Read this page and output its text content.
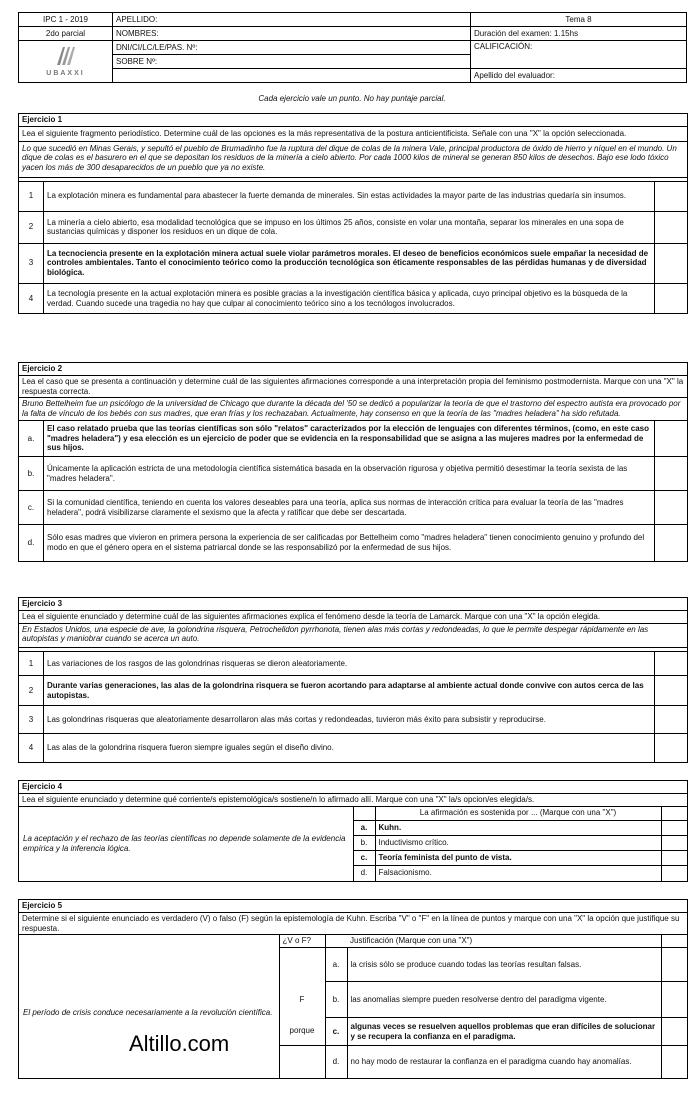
IPC 1 - 2019	APELLIDO:	Tema 8
2do parcial	NOMBRES:	Duración del examen: 1.15hs

UBAXXI	DNI/CI/LC/LE/PAS. Nº:	CALIFICACIÓN:
	SOBRE Nº:	
		Apellido del evaluador:
Cada ejercicio vale un punto. No hay puntaje parcial.
Ejercicio 1
Lea el siguiente fragmento periodístico. Determine cuál de las opciones es la más representativa de la postura anticientificista. Señale con una "X" la opción seleccionada.
Lo que sucedió en Minas Gerais, y sepultó el pueblo de Brumadinho fue la ruptura del dique de colas de la minera Vale, principal productora de óxido de hierro y níquel en el mundo. Un dique de colas es el basurero en el que se depositan los residuos de la minería a cielo abierto. Por cada 1000 kilos de mineral se generan 850 kilos de desechos. Bajo ese lodo tóxico yacen los más de 300 desaparecidos de un pueblo que ya no existe.
1	La explotación minera es fundamental para abastecer la fuerte demanda de minerales. Sin estas actividades la mayor parte de las industrias quedaría sin insumos.	
2	La minería a cielo abierto, esa modalidad tecnológica que se impuso en los últimos 25 años, consiste en volar una montaña, separar los minerales en una sopa de sustancias químicas y disponer los residuos en un dique de cola.	
3	La tecnociencia presente en la explotación minera actual suele violar parámetros morales. El deseo de beneficios económicos suele empañar la necesidad de controles ambientales. Tanto el conocimiento teórico como la producción tecnológica son éticamente responsables de las pérdidas humanas y de diversidad biológica.	
4	La tecnología presente en la actual explotación minera es posible gracias a la investigación científica básica y aplicada, cuyo principal objetivo es la búsqueda de la verdad. Cuando sucede una tragedia no hay que culpar al conocimiento teórico sino a los tecnólogos involucrados.	
Ejercicio 2
Lea el caso que se presenta a continuación y determine cuál de las siguientes afirmaciones corresponde a una interpretación propia del feminismo postmodernista. Marque con una "X" la respuesta correcta.
Bruno Bettelheim fue un psicólogo de la universidad de Chicago que durante la década del '50 se dedicó a popularizar la teoría de que el trastorno del espectro autista era provocado por la falta de vínculo de los bebés con sus madres, que eran frías y los rechazaban. Actualmente, hay consenso en que la teoría de las "madres heladera" ha sido refutada.
a.	El caso relatado prueba que las teorías científicas son sólo "relatos" caracterizados por la elección de lenguajes con diferentes términos, (como, en este caso "madres heladera") y esa elección es un ejercicio de poder que se evidencia en la responsabilidad que se asigna a las mujeres madres por la enfermedad de sus hijos.	
b.	Únicamente la aplicación estricta de una metodología científica sistemática basada en la observación rigurosa y objetiva permitió desestimar la teoría sexista de las "madres heladera".	
c.	Si la comunidad científica, teniendo en cuenta los valores deseables para una teoría, aplica sus normas de interacción crítica para evaluar la teoría de las "madres heladera", podrá visibilizarse claramente el sexismo que la afecta y ratificar que debe ser descartada.	
d.	Sólo esas madres que vivieron en primera persona la experiencia de ser calificadas por Bettelheim como "madres heladera" tienen conocimiento genuino y profundo del modo en que el género opera en el sistema patriarcal donde se las responsabilizó por la enfermedad de sus hijos.	
Ejercicio 3
Lea el siguiente enunciado y determine cuál de las siguientes afirmaciones explica el fenómeno desde la teoría de Lamarck. Marque con una "X" la opción elegida.
En Estados Unidos, una especie de ave, la golondrina risquera, Petrochelidon pyrrhonota, tienen alas más cortas y redondeadas, lo que le permite despegar rápidamente en las autopistas y maniobrar cuando se acerca un auto.
1	Las variaciones de los rasgos de las golondrinas risqueras se dieron aleatoriamente.	
2	Durante varias generaciones, las alas de la golondrina risquera se fueron acortando para adaptarse al ambiente actual donde convive con autos cerca de las autopistas.	
3	Las golondrinas risqueras que aleatoriamente desarrollaron alas más cortas y redondeadas, tuvieron más éxito para subsistir y reproducirse.	
4	Las alas de la golondrina risquera fueron siempre iguales según el diseño divino.	
Ejercicio 4
Lea el siguiente enunciado y determine qué corriente/s epistemológica/s sostiene/n lo afirmado allí. Marque con una "X" la/s opcion/es elegida/s.
La aceptación y el rechazo de las teorías científicas no depende solamente de la evidencia empírica y la inferencia lógica.		La afirmación es sostenida por ... (Marque con una "X")	
	a.	Kuhn.	
	b.	Inductivismo crítico.	
	c.	Teoría feminista del punto de vista.	
	d.	Falsacionismo.	
Ejercicio 5
Determine si el siguiente enunciado es verdadero (V) o falso (F) según la epistemología de Kuhn. Escriba "V" o "F" en la línea de puntos y marque con una "X" la opción que justifique su respuesta.
	¿V o F?		Justificación (Marque con una "X")	
El período de crisis conduce necesariamente a la revolución científica.
Altillo.com		a.	la crisis sólo se produce cuando todas las teorías resultan falsas.	
	F	b.	las anomalías siempre pueden resolverse dentro del paradigma vigente.	
	porque	c.	algunas veces se resuelven aquellos problemas que eran difíciles de solucionar y se recupera la confianza en el paradigma.	
		d.	no hay modo de restaurar la confianza en el paradigma cuando hay anomalías.	
